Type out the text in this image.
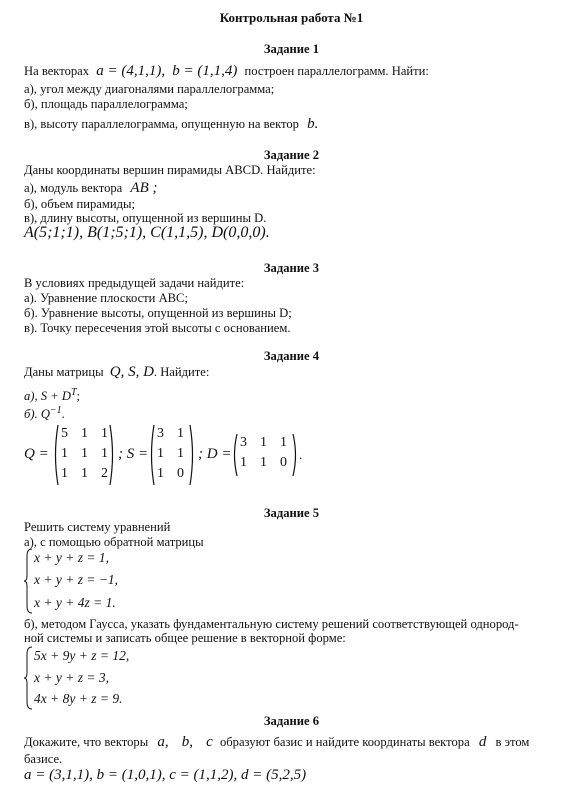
Контрольная работа №1
Задание 1
На векторах a = (4,1,1), b = (1,1,4) построен параллелограмм. Найти:
а), угол между диагоналями параллелограмма;
б), площадь параллелограмма;
в), высоту параллелограмма, опущенную на вектор b.
Задание 2
Даны координаты вершин пирамиды ABCD. Найдите:
а), модуль вектора AB ;
б), объем пирамиды;
в), длину высоты, опущенной из вершины D.
A(5;1;1), B(1;5;1), C(1,1,5), D(0,0,0).
Задание 3
В условиях предыдущей задачи найдите:
а). Уравнение плоскости ABC;
б). Уравнение высоты, опущенной из вершины D;
в). Точку пересечения этой высоты с основанием.
Задание 4
Даны матрицы Q, S, D. Найдите:
а), $S + D^T$;
б). $Q^{-1}$.
Q =
5 1 1
1 1 1
1 1 2
; S =
3 1
1 1
1 0
; D =
3 1 1
1 1 0 .
Задание 5
Решить систему уравнений
а), с помощью обратной матрицы
x + y + z = 1,
x + y + z = −1,
x + y + 4z = 1.
б), методом Гаусса, указать фундаментальную систему решений соответствующей однород-
ной системы и записать общее решение в векторной форме:
5x + 9y + z = 12,
x + y + z = 3,
4x + 8y + z = 9.
Задание 6
Докажите, что векторы a, b, c образуют базис и найдите координаты вектора d в этом
базисе.
a = (3,1,1), b = (1,0,1), c = (1,1,2), d = (5,2,5)
